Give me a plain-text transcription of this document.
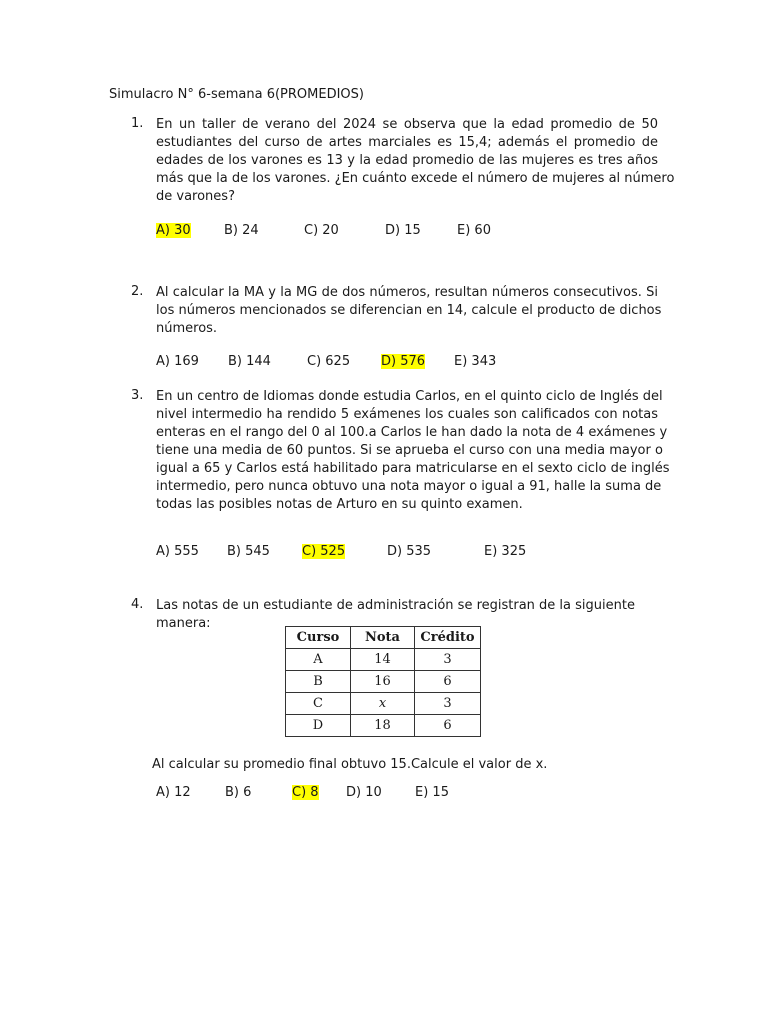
Simulacro N° 6-semana 6(PROMEDIOS)
1. En un taller de verano del 2024 se observa que la edad promedio de 50
estudiantes del curso de artes marciales es 15,4; además el promedio de
edades de los varones es 13 y la edad promedio de las mujeres es tres años
más que la de los varones. ¿En cuánto excede el número de mujeres al número
de varones?
A) 30	B) 24	C) 20	D) 15	E) 60
2. Al calcular la MA y la MG de dos números, resultan números consecutivos. Si
los números mencionados se diferencian en 14, calcule el producto de dichos
números.
A) 169 B) 144	C) 625 D) 576 E) 343
3. En un centro de Idiomas donde estudia Carlos, en el quinto ciclo de Inglés del
nivel intermedio ha rendido 5 exámenes los cuales son calificados con notas
enteras en el rango del 0 al 100.a Carlos le han dado la nota de 4 exámenes y
tiene una media de 60 puntos. Si se aprueba el curso con una media mayor o
igual a 65 y Carlos está habilitado para matricularse en el sexto ciclo de inglés
intermedio, pero nunca obtuvo una nota mayor o igual a 91, halle la suma de
todas las posibles notas de Arturo en su quinto examen.
A) 555 B) 545 C) 525	D) 535	E) 325
4. Las notas de un estudiante de administración se registran de la siguiente
manera:
Curso	Nota	Crédito
A	14	3
B	16	6
C	x	3
D	18	6
Al calcular su promedio final obtuvo 15.Calcule el valor de x.
A) 12	B) 6	C) 8 D) 10	E) 15
